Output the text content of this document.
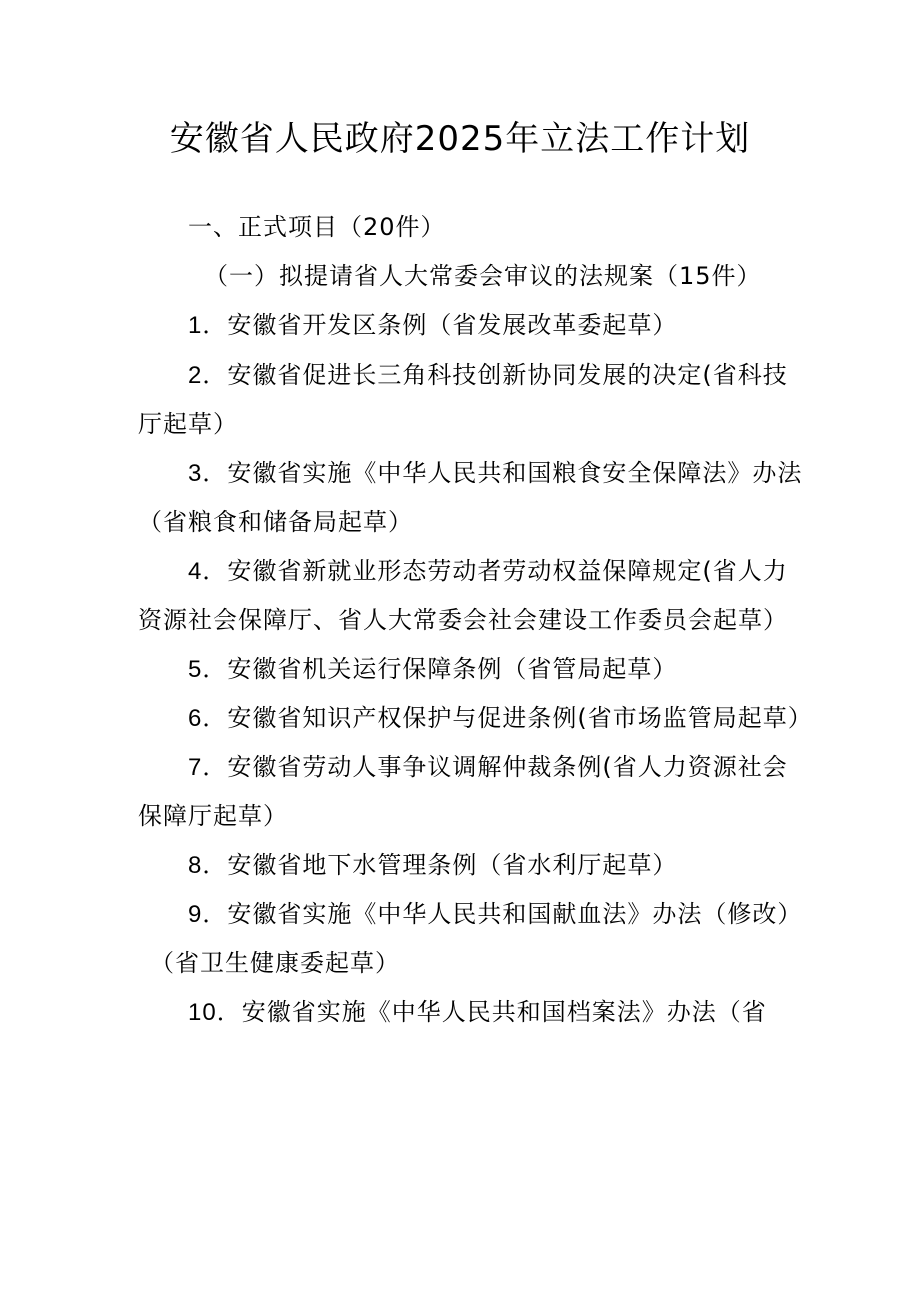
安徽省人民政府2025年立法工作计划
一、正式项目（20件）
（一）拟提请省人大常委会审议的法规案（15件）
1．安徽省开发区条例（省发展改革委起草）
2．安徽省促进长三角科技创新协同发展的决定(省科技
厅起草）
3．安徽省实施《中华人民共和国粮食安全保障法》办法
（省粮食和储备局起草）
4．安徽省新就业形态劳动者劳动权益保障规定(省人力
资源社会保障厅、省人大常委会社会建设工作委员会起草）
5．安徽省机关运行保障条例（省管局起草）
6．安徽省知识产权保护与促进条例(省市场监管局起草）
7．安徽省劳动人事争议调解仲裁条例(省人力资源社会
保障厅起草）
8．安徽省地下水管理条例（省水利厅起草）
9．安徽省实施《中华人民共和国献血法》办法（修改）
（省卫生健康委起草）
10．安徽省实施《中华人民共和国档案法》办法（省
